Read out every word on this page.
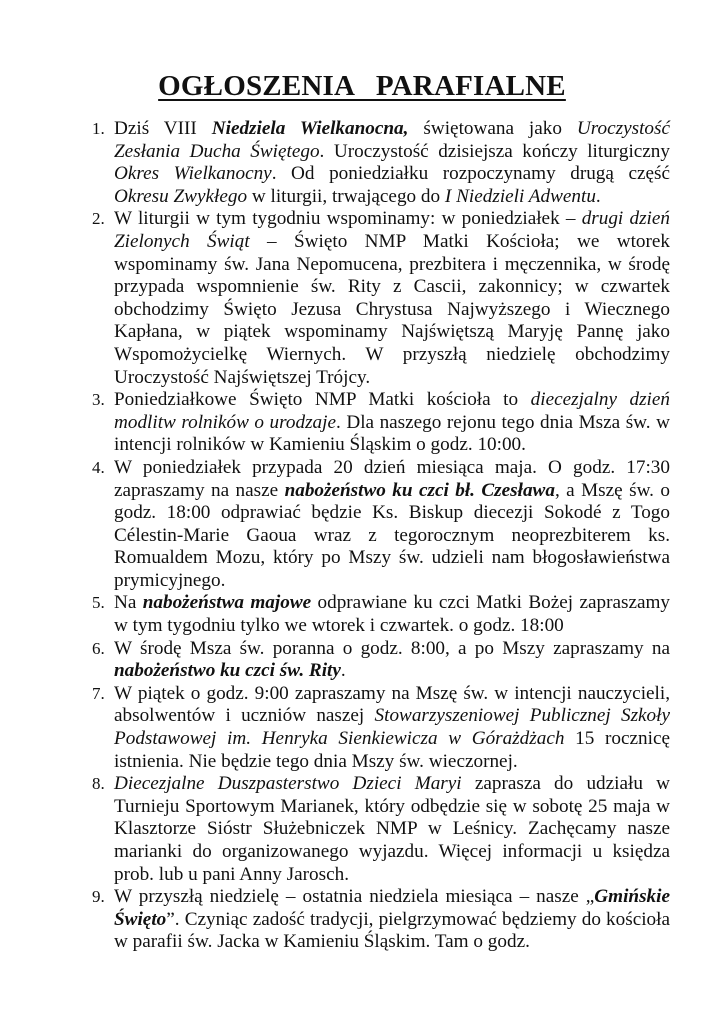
OGŁOSZENIA   PARAFIALNE
1. Dziś VIII Niedziela Wielkanocna, świętowana jako Uroczystość Zesłania Ducha Świętego. Uroczystość dzisiejsza kończy liturgiczny Okres Wielkanocny. Od poniedziałku rozpoczynamy drugą część Okresu Zwykłego w liturgii, trwającego do I Niedzieli Adwentu.
2. W liturgii w tym tygodniu wspominamy: w poniedziałek – drugi dzień Zielonych Świąt – Święto NMP Matki Kościoła; we wtorek wspominamy św. Jana Nepomucena, prezbitera i męczennika, w środę przypada wspomnienie św. Rity z Cascii, zakonnicy; w czwartek obchodzimy Święto Jezusa Chrystusa Najwyższego i Wiecznego Kapłana, w piątek wspominamy Najświętszą Maryję Pannę jako Wspomożycielkę Wiernych. W przyszłą niedzielę obchodzimy Uroczystość Najświętszej Trójcy.
3. Poniedziałkowe Święto NMP Matki kościoła to diecezjalny dzień modlitw rolników o urodzaje. Dla naszego rejonu tego dnia Msza św. w intencji rolników w Kamieniu Śląskim o godz. 10:00.
4. W poniedziałek przypada 20 dzień miesiąca maja. O godz. 17:30 zapraszamy na nasze nabożeństwo ku czci bł. Czesława, a Mszę św. o godz. 18:00 odprawiać będzie Ks. Biskup diecezji Sokodé z Togo Célestin-Marie Gaoua wraz z tegorocznym neoprezbiterem ks. Romualdem Mozu, który po Mszy św. udzieli nam błogosławieństwa prymicyjnego.
5. Na nabożeństwa majowe odprawiane ku czci Matki Bożej zapraszamy w tym tygodniu tylko we wtorek i czwartek. o godz. 18:00
6. W środę Msza św. poranna o godz. 8:00, a po Mszy zapraszamy na nabożeństwo ku czci św. Rity.
7. W piątek o godz. 9:00 zapraszamy na Mszę św. w intencji nauczycieli, absolwentów i uczniów naszej Stowarzyszeniowej Publicznej Szkoły Podstawowej im. Henryka Sienkiewicza w Górażdżach 15 rocznicę istnienia. Nie będzie tego dnia Mszy św. wieczornej.
8. Diecezjalne Duszpasterstwo Dzieci Maryi zaprasza do udziału w Turnieju Sportowym Marianek, który odbędzie się w sobotę 25 maja w Klasztorze Sióstr Służebniczek NMP w Leśnicy. Zachęcamy nasze marianki do organizowanego wyjazdu. Więcej informacji u księdza prob. lub u pani Anny Jarosch.
9. W przyszłą niedzielę – ostatnia niedziela miesiąca – nasze „Gmińskie Święto”. Czyniąc zadość tradycji, pielgrzymować będziemy do kościoła w parafii św. Jacka w Kamieniu Śląskim. Tam o godz.
